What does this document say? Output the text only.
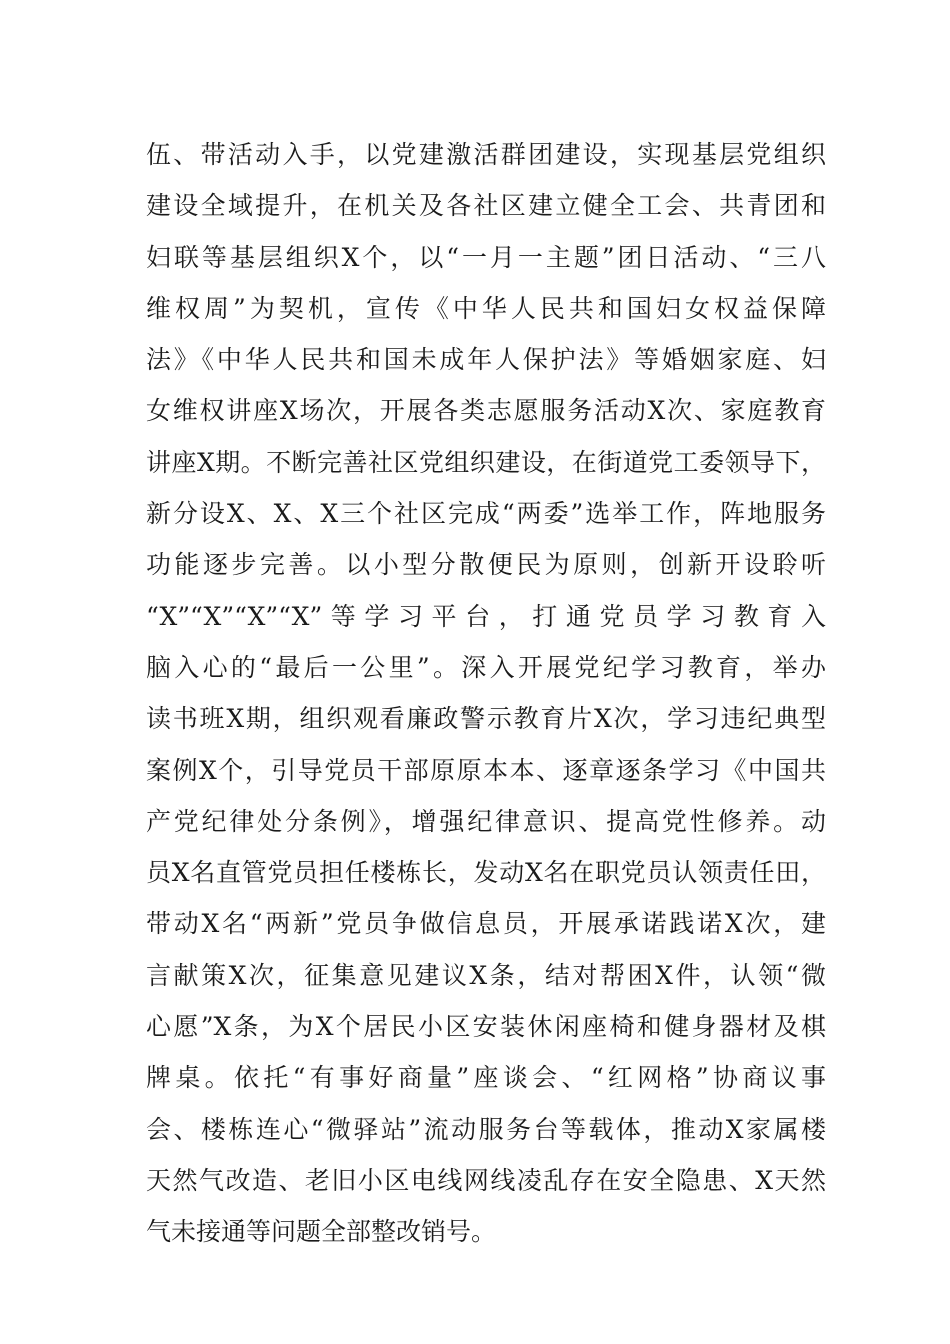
伍、带活动入手，以党建激活群团建设，实现基层党组织
建设全域提升，在机关及各社区建立健全工会、共青团和
妇联等基层组织X个，以“一月一主题”团日活动、“三八
维权周”为契机，宣传《中华人民共和国妇女权益保障
法》《中华人民共和国未成年人保护法》等婚姻家庭、妇
女维权讲座X场次，开展各类志愿服务活动X次、家庭教育
讲座X期。不断完善社区党组织建设，在街道党工委领导下，
新分设X、X、X三个社区完成“两委”选举工作，阵地服务
功能逐步完善。以小型分散便民为原则，创新开设聆听
“X”“X”“X”“X”等学习平台，打通党员学习教育入
脑入心的“最后一公里”。深入开展党纪学习教育，举办
读书班X期，组织观看廉政警示教育片X次，学习违纪典型
案例X个，引导党员干部原原本本、逐章逐条学习《中国共
产党纪律处分条例》，增强纪律意识、提高党性修养。动
员X名直管党员担任楼栋长，发动X名在职党员认领责任田，
带动X名“两新”党员争做信息员，开展承诺践诺X次，建
言献策X次，征集意见建议X条，结对帮困X件，认领“微
心愿”X条，为X个居民小区安装休闲座椅和健身器材及棋
牌桌。依托“有事好商量”座谈会、“红网格”协商议事
会、楼栋连心“微驿站”流动服务台等载体，推动X家属楼
天然气改造、老旧小区电线网线凌乱存在安全隐患、X天然
气未接通等问题全部整改销号。
